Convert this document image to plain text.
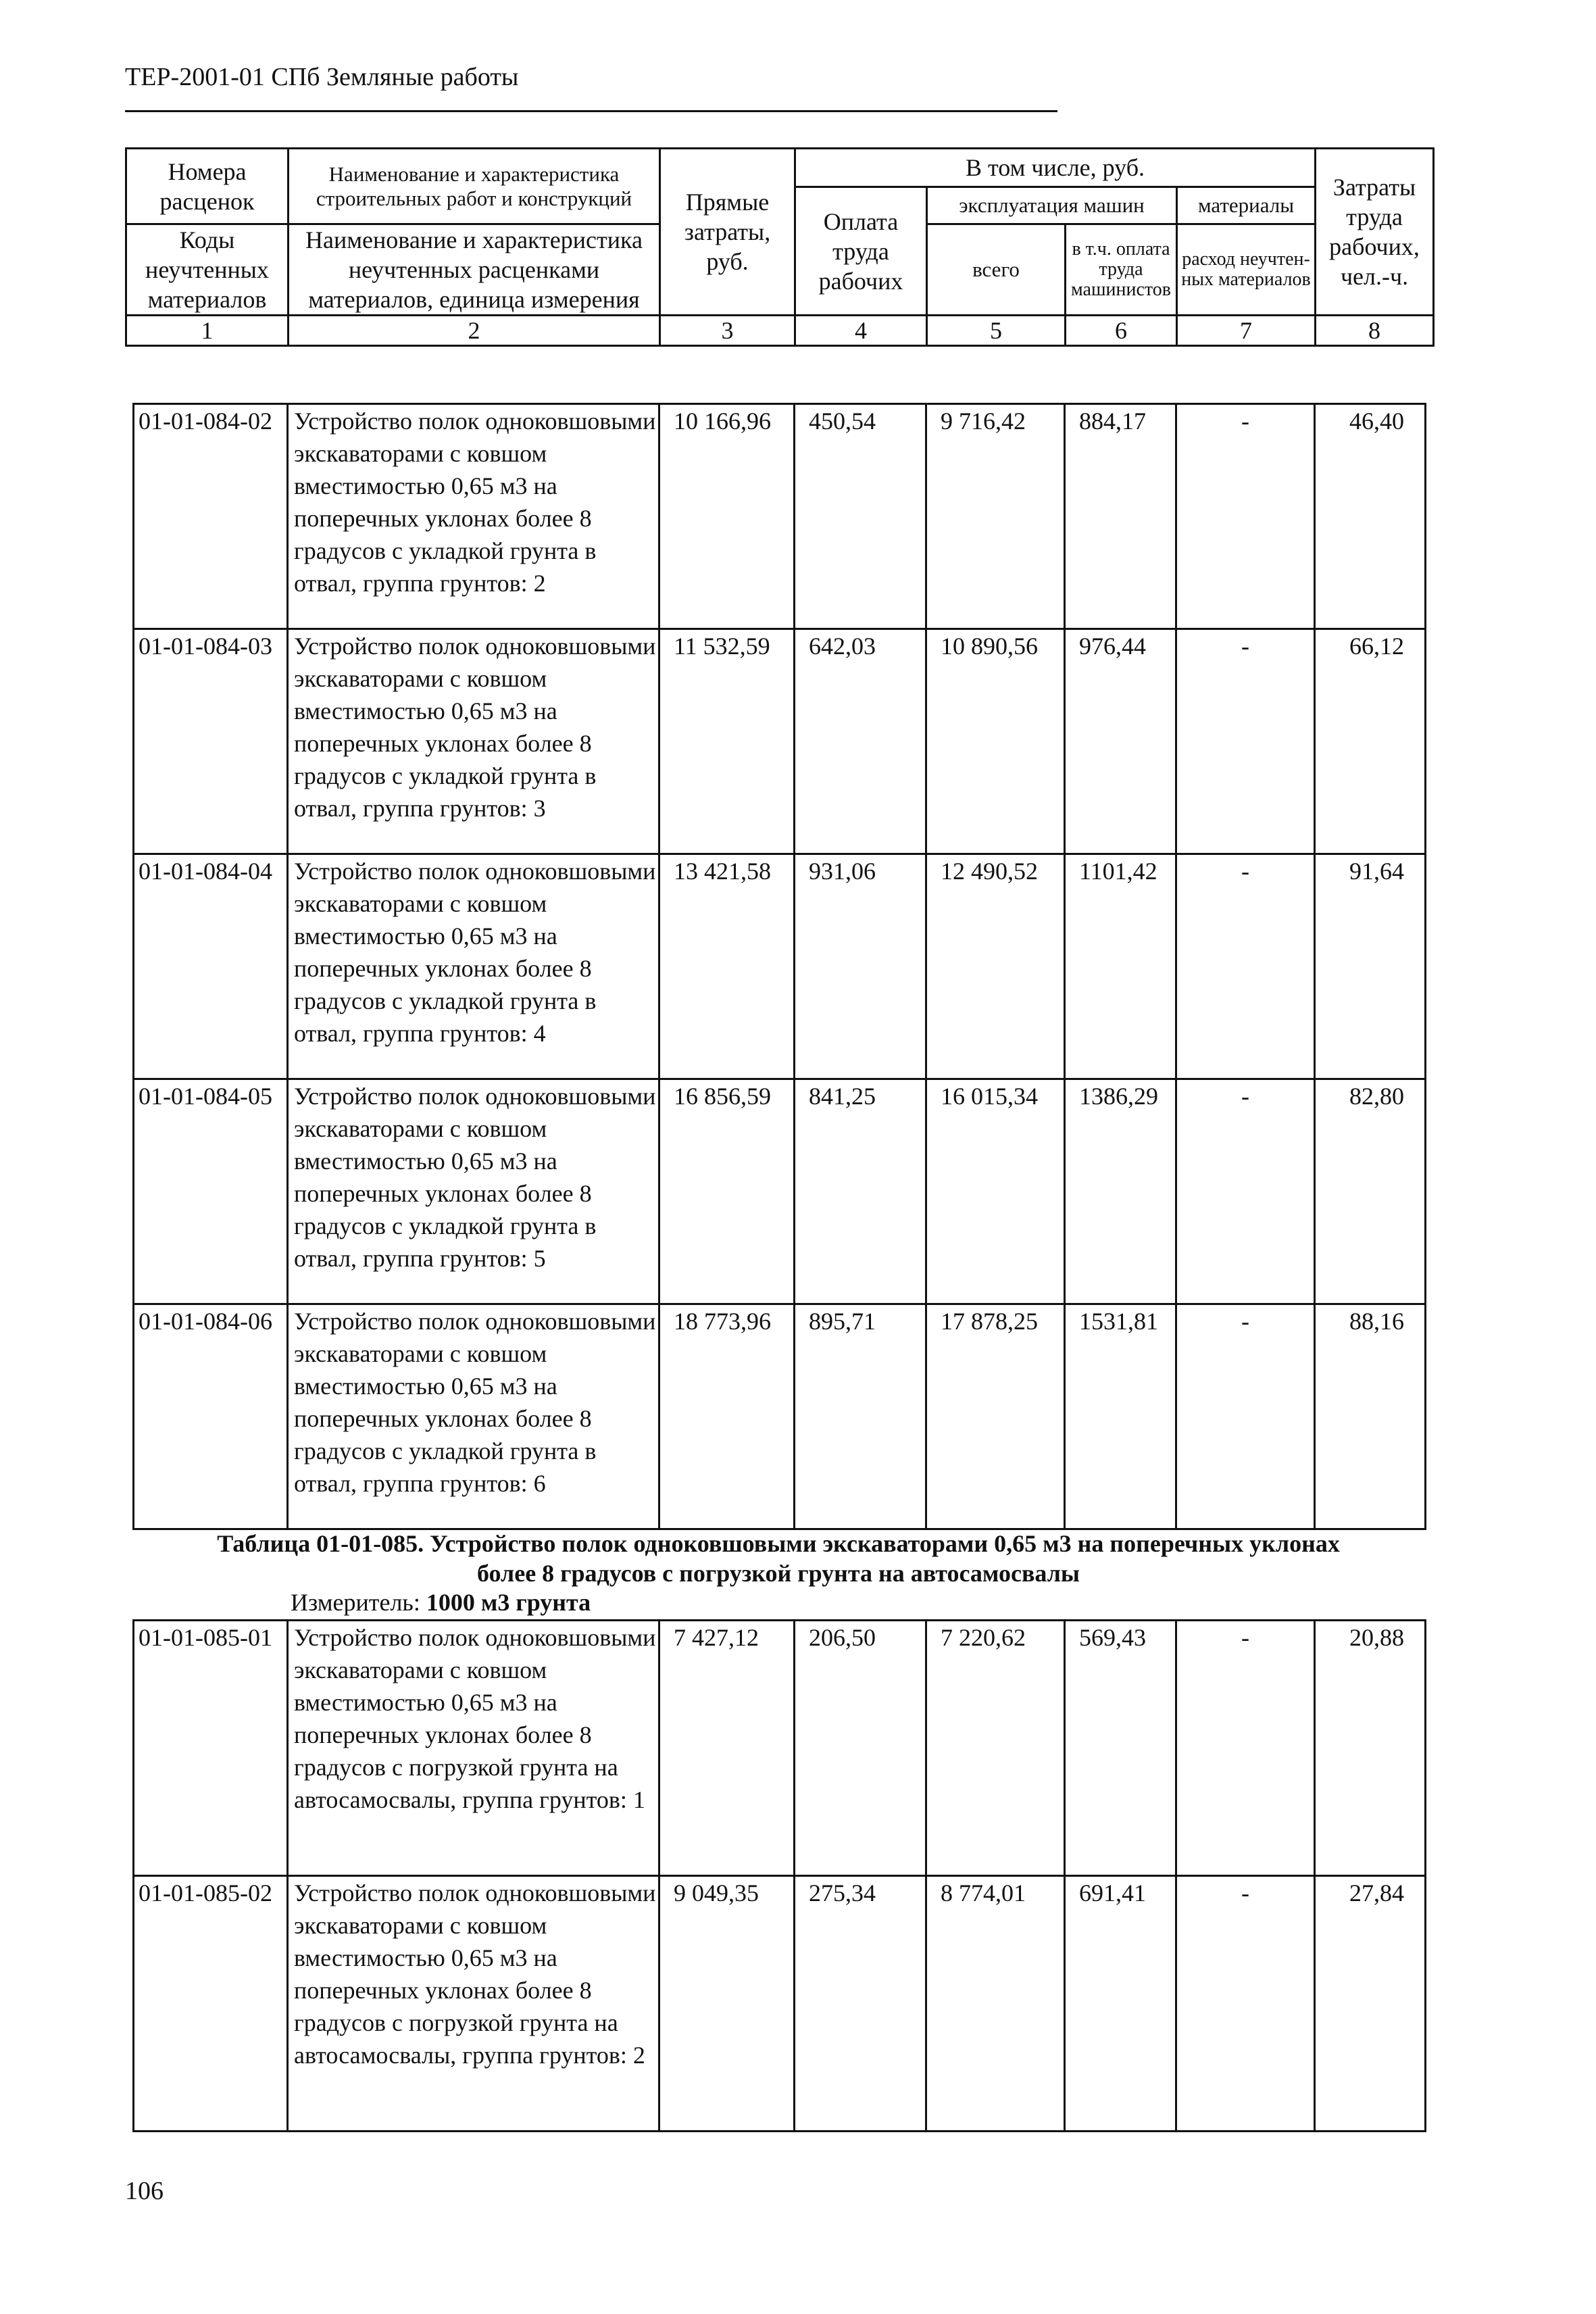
ТЕР-2001-01 СПб Земляные работы
Номера расценок	Наименование и характеристика строительных работ и конструкций	Прямые затраты, руб.	В том числе, руб.				Затраты труда рабочих, чел.-ч.
			Оплата труда рабочих	эксплуатация машин		материалы	
Коды неучтенных материалов	Наименование и характеристика неучтенных расценками материалов, единица измерения			всего	в т.ч. оплата труда машинистов	расход неучтен-ных материалов	

1	2	3	4	5	6	7	8
01-01-084-02	Устройство полок одноковшовыми экскаваторами с ковшом вместимостью 0,65 м3 на поперечных уклонах более 8 градусов с укладкой грунта в отвал, группа грунтов: 2	10 166,96	450,54	9 716,42	884,17	-	46,40
01-01-084-03	Устройство полок одноковшовыми экскаваторами с ковшом вместимостью 0,65 м3 на поперечных уклонах более 8 градусов с укладкой грунта в отвал, группа грунтов: 3	11 532,59	642,03	10 890,56	976,44	-	66,12
01-01-084-04	Устройство полок одноковшовыми экскаваторами с ковшом вместимостью 0,65 м3 на поперечных уклонах более 8 градусов с укладкой грунта в отвал, группа грунтов: 4	13 421,58	931,06	12 490,52	1101,42	-	91,64
01-01-084-05	Устройство полок одноковшовыми экскаваторами с ковшом вместимостью 0,65 м3 на поперечных уклонах более 8 градусов с укладкой грунта в отвал, группа грунтов: 5	16 856,59	841,25	16 015,34	1386,29	-	82,80
01-01-084-06	Устройство полок одноковшовыми экскаваторами с ковшом вместимостью 0,65 м3 на поперечных уклонах более 8 градусов с укладкой грунта в отвал, группа грунтов: 6	18 773,96	895,71	17 878,25	1531,81	-	88,16
Таблица 01-01-085. Устройство полок одноковшовыми экскаваторами 0,65 м3 на поперечных уклонах
более 8 градусов с погрузкой грунта на автосамосвалы
Измеритель: 1000 м3 грунта
01-01-085-01	Устройство полок одноковшовыми экскаваторами с ковшом вместимостью 0,65 м3 на поперечных уклонах более 8 градусов с погрузкой грунта на автосамосвалы, группа грунтов: 1	7 427,12	206,50	7 220,62	569,43	-	20,88
01-01-085-02	Устройство полок одноковшовыми экскаваторами с ковшом вместимостью 0,65 м3 на поперечных уклонах более 8 градусов с погрузкой грунта на автосамосвалы, группа грунтов: 2	9 049,35	275,34	8 774,01	691,41	-	27,84
106
